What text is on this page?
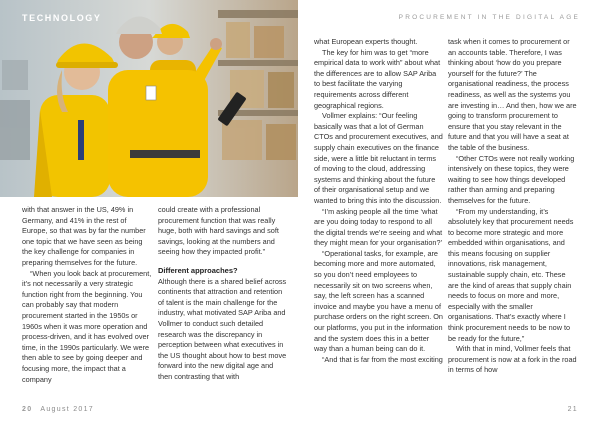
TECHNOLOGY	PROCUREMENT IN THE DIGITAL AGE

with that answer in the US, 49% in Germany, and 41% in the rest of Europe, so that was by far the number one topic that we have seen as being the key challenge for companies in preparing themselves for the future.

“When you look back at procurement, it’s not necessarily a very strategic function right from the beginning. You can probably say that modern procurement started in the 1950s or 1960s when it was more operation and process-driven, and it has evolved over time, in the 1990s particularly. We were then able to see by going deeper and focusing more, the impact that a company

could create with a professional procurement function that was really huge, both with hard savings and soft savings, looking at the numbers and seeing how they impacted profit.”

Different approaches?

Although there is a shared belief across continents that attraction and retention of talent is the main challenge for the industry, what motivated SAP Ariba and Vollmer to conduct such detailed research was the discrepancy in perception between what executives in the US thought about how to best move forward into the new digital age and then contrasting that with

what European experts thought.

The key for him was to get “more empirical data to work with” about what the differences are to allow SAP Ariba to best facilitate the varying requirements across different geographical regions.

Vollmer explains: “Our feeling basically was that a lot of German CTOs and procurement executives, and supply chain executives on the finance side, were a little bit reluctant in terms of moving to the cloud, addressing systems and thinking about the future of their organisational setup and we wanted to bring this into the discussion.

“I’m asking people all the time ‘what are you doing today to respond to all the digital trends we’re seeing and what they might mean for your organisation?’

“Operational tasks, for example, are becoming more and more automated, so you don’t need employees to necessarily sit on two screens when, say, the left screen has a scanned invoice and maybe you have a menu of purchase orders on the right screen. On our platforms, you put in the information and the system does this in a better way than a human being can do it.

“And that is far from the most exciting

task when it comes to procurement or an accounts table. Therefore, I was thinking about ‘how do you prepare yourself for the future?’ The organisational readiness, the process readiness, as well as the systems you are investing in… And then, how we are going to transform procurement to ensure that you stay relevant in the future and that you will have a seat at the table of the business.

“Other CTOs were not really working intensively on these topics, they were waiting to see how things developed rather than arming and preparing themselves for the future.

“From my understanding, it’s absolutely key that procurement needs to become more strategic and more embedded within organisations, and this means focusing on supplier innovations, risk management, sustainable supply chain, etc. These are the kind of areas that supply chain needs to focus on more and more, especially with the smaller organisations. That’s exactly where I think procurement needs to be now to be ready for the future,”

With that in mind, Vollmer feels that procurement is now at a fork in the road in terms of how

20 August 2017	21
